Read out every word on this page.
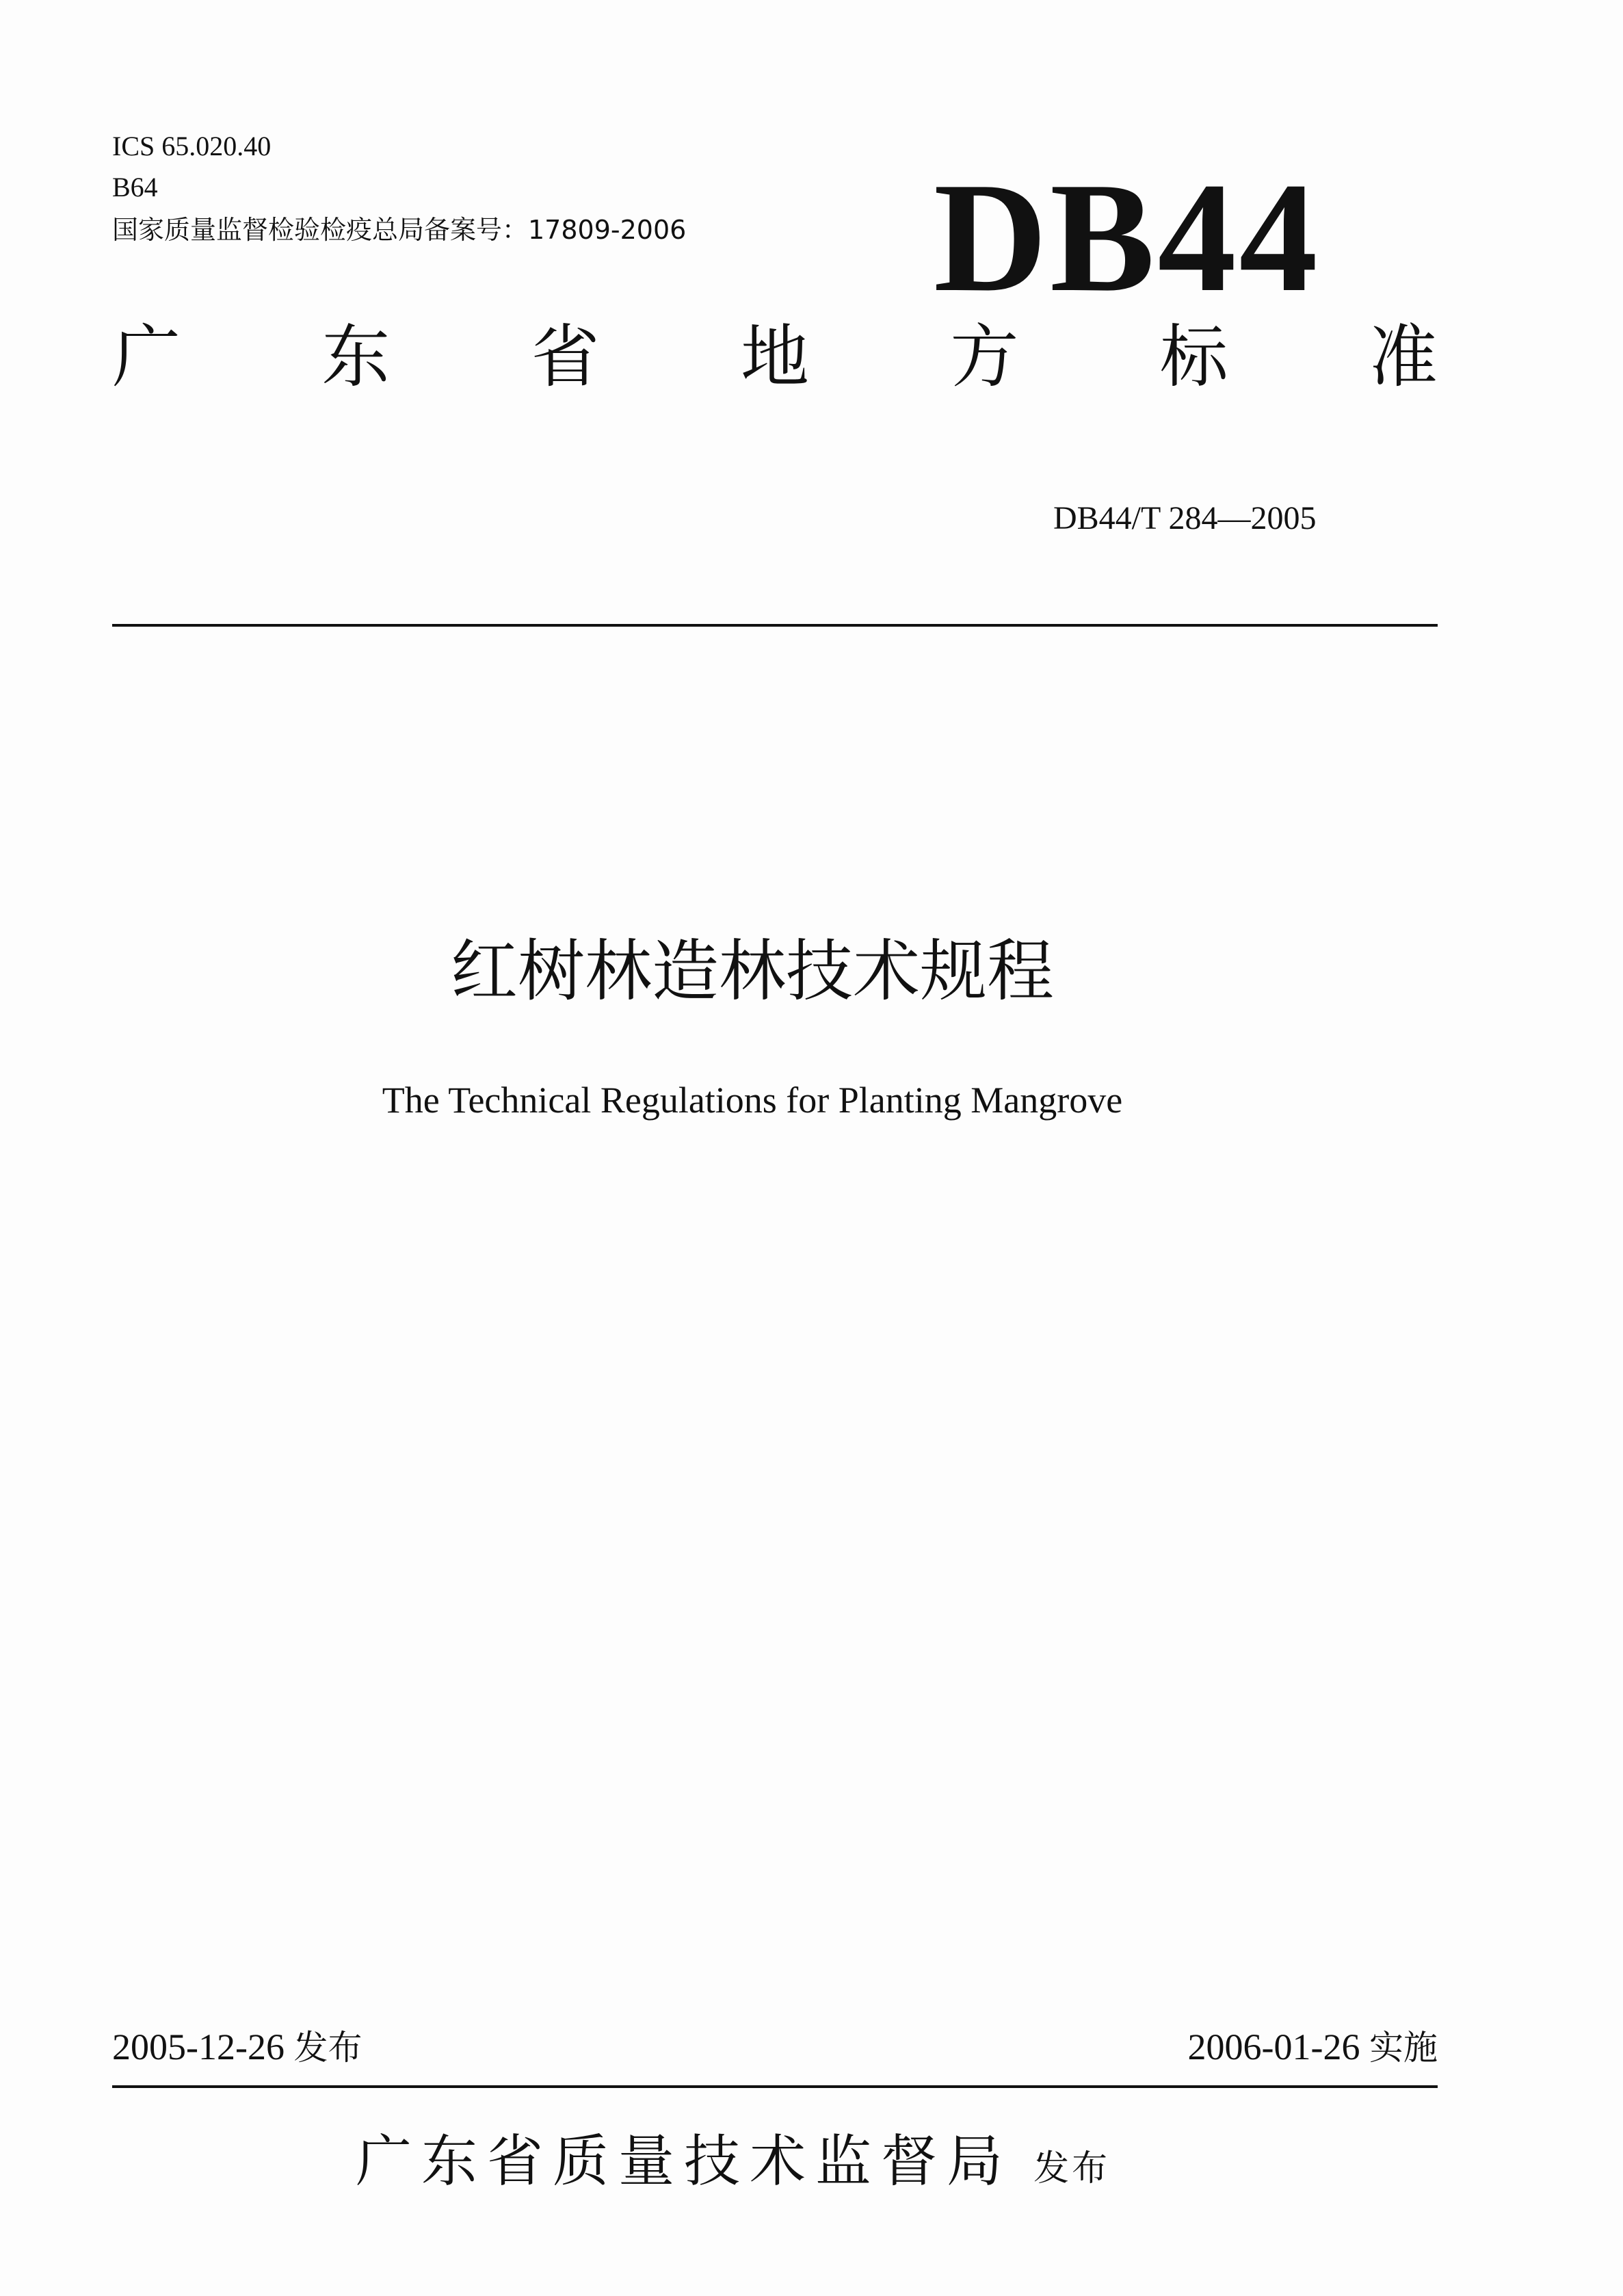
ICS 65.020.40
B64
国家质量监督检验检疫总局备案号：17809-2006 DB44
广 东 省 地 方 标 准
DB44/T 284—2005
红树林造林技术规程
The Technical Regulations for Planting Mangrove
2005-12-26 发布	2006-01-26 实施
广东省质量技术监督局 发布
